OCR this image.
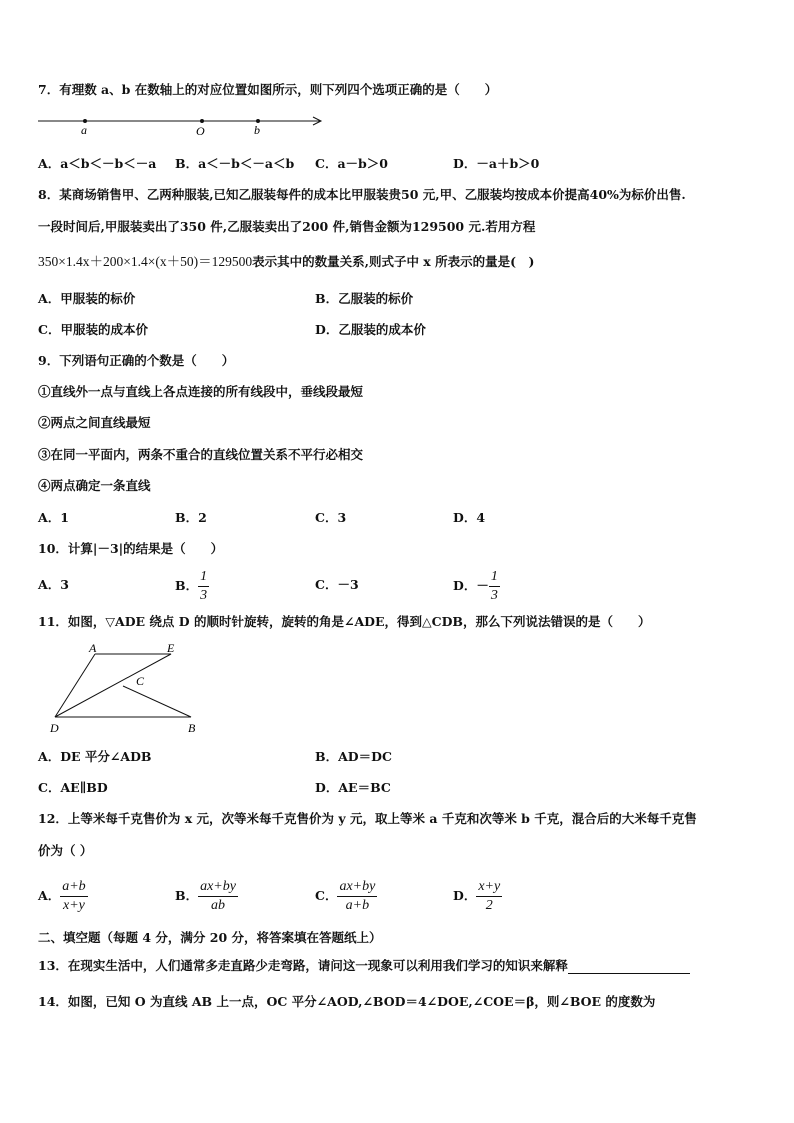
7．有理数 a、b 在数轴上的对应位置如图所示，则下列四个选项正确的是（　　）
a	O	b
A．a＜b＜－b＜－a B．a＜－b＜－a＜b C．a－b＞0	D．－a＋b＞0
8．某商场销售甲、乙两种服装,已知乙服装每件的成本比甲服装贵50 元,甲、乙服装均按成本价提高40%为标价出售.
一段时间后,甲服装卖出了350 件,乙服装卖出了200 件,销售金额为129500 元.若用方程
350×1.4x＋200×1.4×(x＋50)＝129500表示其中的数量关系,则式子中 x 所表示的量是(　)
A．甲服装的标价	B．乙服装的标价
C．甲服装的成本价	D．乙服装的成本价
9．下列语句正确的个数是（　　）
①直线外一点与直线上各点连接的所有线段中，垂线段最短
②两点之间直线最短
③在同一平面内，两条不重合的直线位置关系不平行必相交
④两点确定一条直线
A．1	B．2	C．3	D．4
10．计算|－3|的结果是（　　）
A．3	B． $\frac{1}{3}$	C．－3	D．－ $\frac{1}{3}$
11．如图，▽ADE 绕点 D 的顺时针旋转，旋转的角是∠ADE，得到△CDB，那么下列说法错误的是（　　）
A	E
C
D	B
A．DE 平分∠ADB	B．AD＝DC
C．AE∥BD	D．AE＝BC
12．上等米每千克售价为 x 元，次等米每千克售价为 y 元，取上等米 a 千克和次等米 b 千克，混合后的大米每千克售
价为（ ）
A． $\frac{a+b}{x+y}$	B． $\frac{ax+by}{ab}$	C． $\frac{ax+by}{a+b}$	D． $\frac{x+y}{2}$
二、填空题（每题 4 分，满分 20 分，将答案填在答题纸上）
13．在现实生活中，人们通常多走直路少走弯路，请问这一现象可以利用我们学习的知识来解释
14．如图，已知 O 为直线 AB 上一点，OC 平分∠AOD,∠BOD＝4∠DOE,∠COE＝β，则∠BOE 的度数为
